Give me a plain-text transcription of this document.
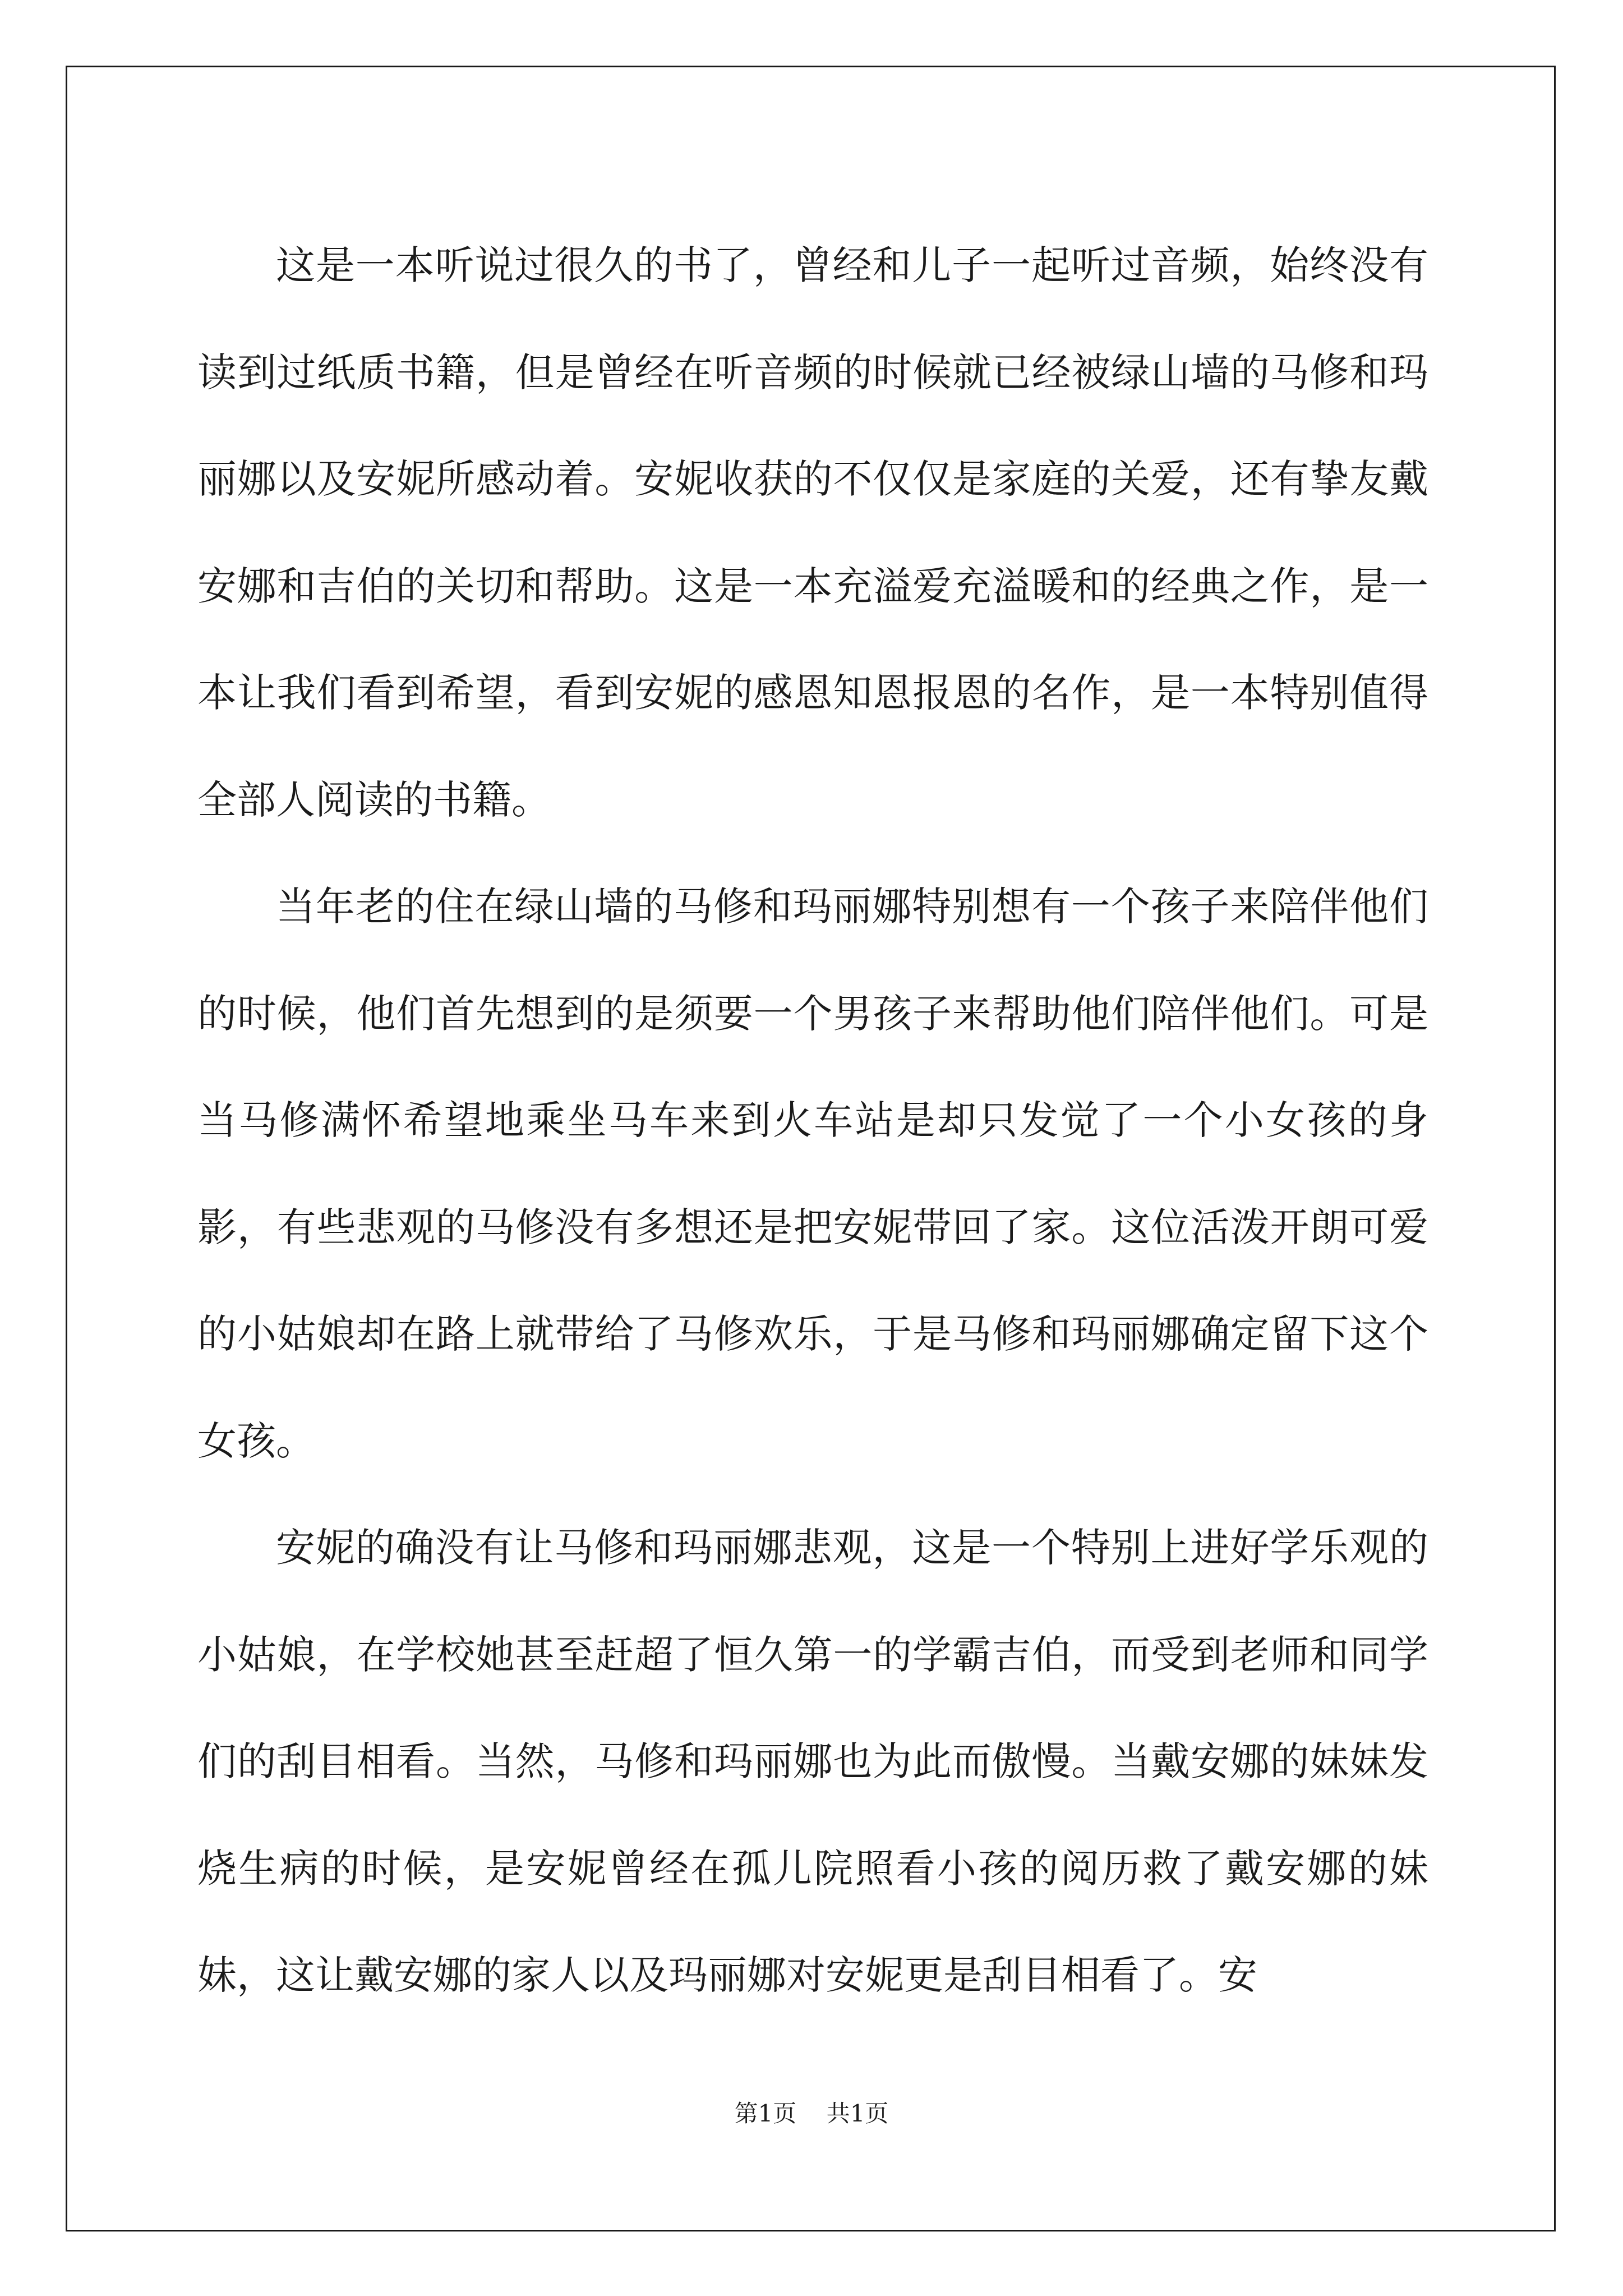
这是一本听说过很久的书了，曾经和儿子一起听过音频，始终没有读到过纸质书籍，但是曾经在听音频的时候就已经被绿山墙的马修和玛丽娜以及安妮所感动着。安妮收获的不仅仅是家庭的关爱，还有挚友戴安娜和吉伯的关切和帮助。这是一本充溢爱充溢暖和的经典之作，是一本让我们看到希望，看到安妮的感恩知恩报恩的名作，是一本特别值得全部人阅读的书籍。

当年老的住在绿山墙的马修和玛丽娜特别想有一个孩子来陪伴他们的时候，他们首先想到的是须要一个男孩子来帮助他们陪伴他们。可是当马修满怀希望地乘坐马车来到火车站是却只发觉了一个小女孩的身影，有些悲观的马修没有多想还是把安妮带回了家。这位活泼开朗可爱的小姑娘却在路上就带给了马修欢乐，于是马修和玛丽娜确定留下这个女孩。

安妮的确没有让马修和玛丽娜悲观，这是一个特别上进好学乐观的小姑娘，在学校她甚至赶超了恒久第一的学霸吉伯，而受到老师和同学们的刮目相看。当然，马修和玛丽娜也为此而傲慢。当戴安娜的妹妹发烧生病的时候，是安妮曾经在孤儿院照看小孩的阅历救了戴安娜的妹妹，这让戴安娜的家人以及玛丽娜对安妮更是刮目相看了。安

第1页 共1页
